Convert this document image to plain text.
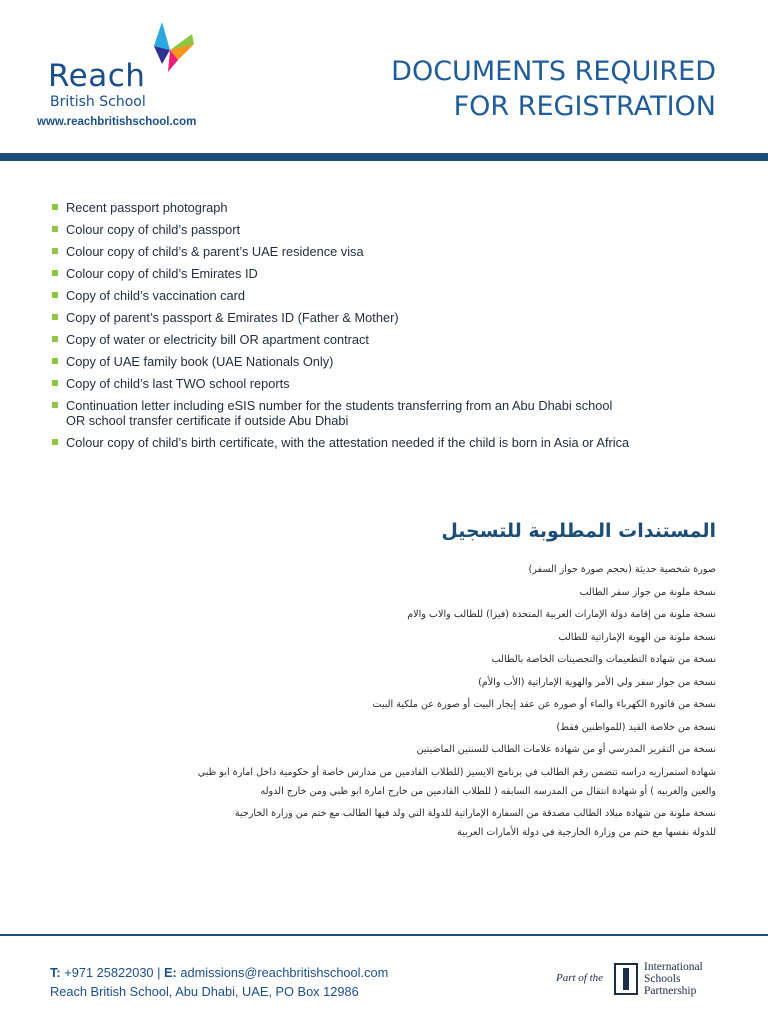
Reach
British School
www.reachbritishschool.com
DOCUMENTS REQUIRED
FOR REGISTRATION
Recent passport photograph
Colour copy of child’s passport
Colour copy of child’s & parent’s UAE residence visa
Colour copy of child’s Emirates ID
Copy of child’s vaccination card
Copy of parent’s passport & Emirates ID (Father & Mother)
Copy of water or electricity bill OR apartment contract
Copy of UAE family book (UAE Nationals Only)
Copy of child’s last TWO school reports
Continuation letter including eSIS number for the students transferring from an Abu Dhabi school
OR school transfer certificate if outside Abu Dhabi
Colour copy of child’s birth certificate, with the attestation needed if the child is born in Asia or Africa
المستندات المطلوبة للتسجيل
صورة شخصية حديثة (بحجم صورة جواز السفر)
نسخة ملونة من جواز سفر الطالب
نسخة ملونة من إقامة دولة الإمارات العربية المتحدة (فيزا) للطالب والاب والام
نسخة ملونة من الهوية الإماراتية للطالب
نسخة من شهادة التطعيمات والتحصينات الخاصة بالطالب
نسخة من جواز سفر ولي الأمر والهوية الإماراتية (الأب والأم)
نسخة من فاتورة الكهرباء والماء أو صورة عن عقد إيجار البيت أو صورة عن ملكية البيت
نسخة من خلاصة القيد (للمواطنين فقط)
نسخة من التقرير المدرسي أو من شهادة علامات الطالب للسنتين الماضيتين
شهادة استمراريه دراسه تتضمن رقم الطالب في برنامج الايسيز (للطلاب القادمين من مدارس خاصة أو حكومية داخل امارة ابو ظبي
والعين والغربيه ) أو شهادة انتقال من المدرسه السابقه ( للطلاب القادمين من خارج امارة ابو ظبي ومن خارج الدوله
نسخة ملونة من شهادة ميلاد الطالب مصدقة من السفارة الإماراتية للدولة التي ولد فيها الطالب مع ختم من وزارة الخارجية
للدولة نفسها مع ختم من وزارة الخارجية في دولة الأمارات العربية
T: +971 25822030 | E: admissions@reachbritishschool.com
Reach British School, Abu Dhabi, UAE, PO Box 12986
Part of the
International
Schools
Partnership
